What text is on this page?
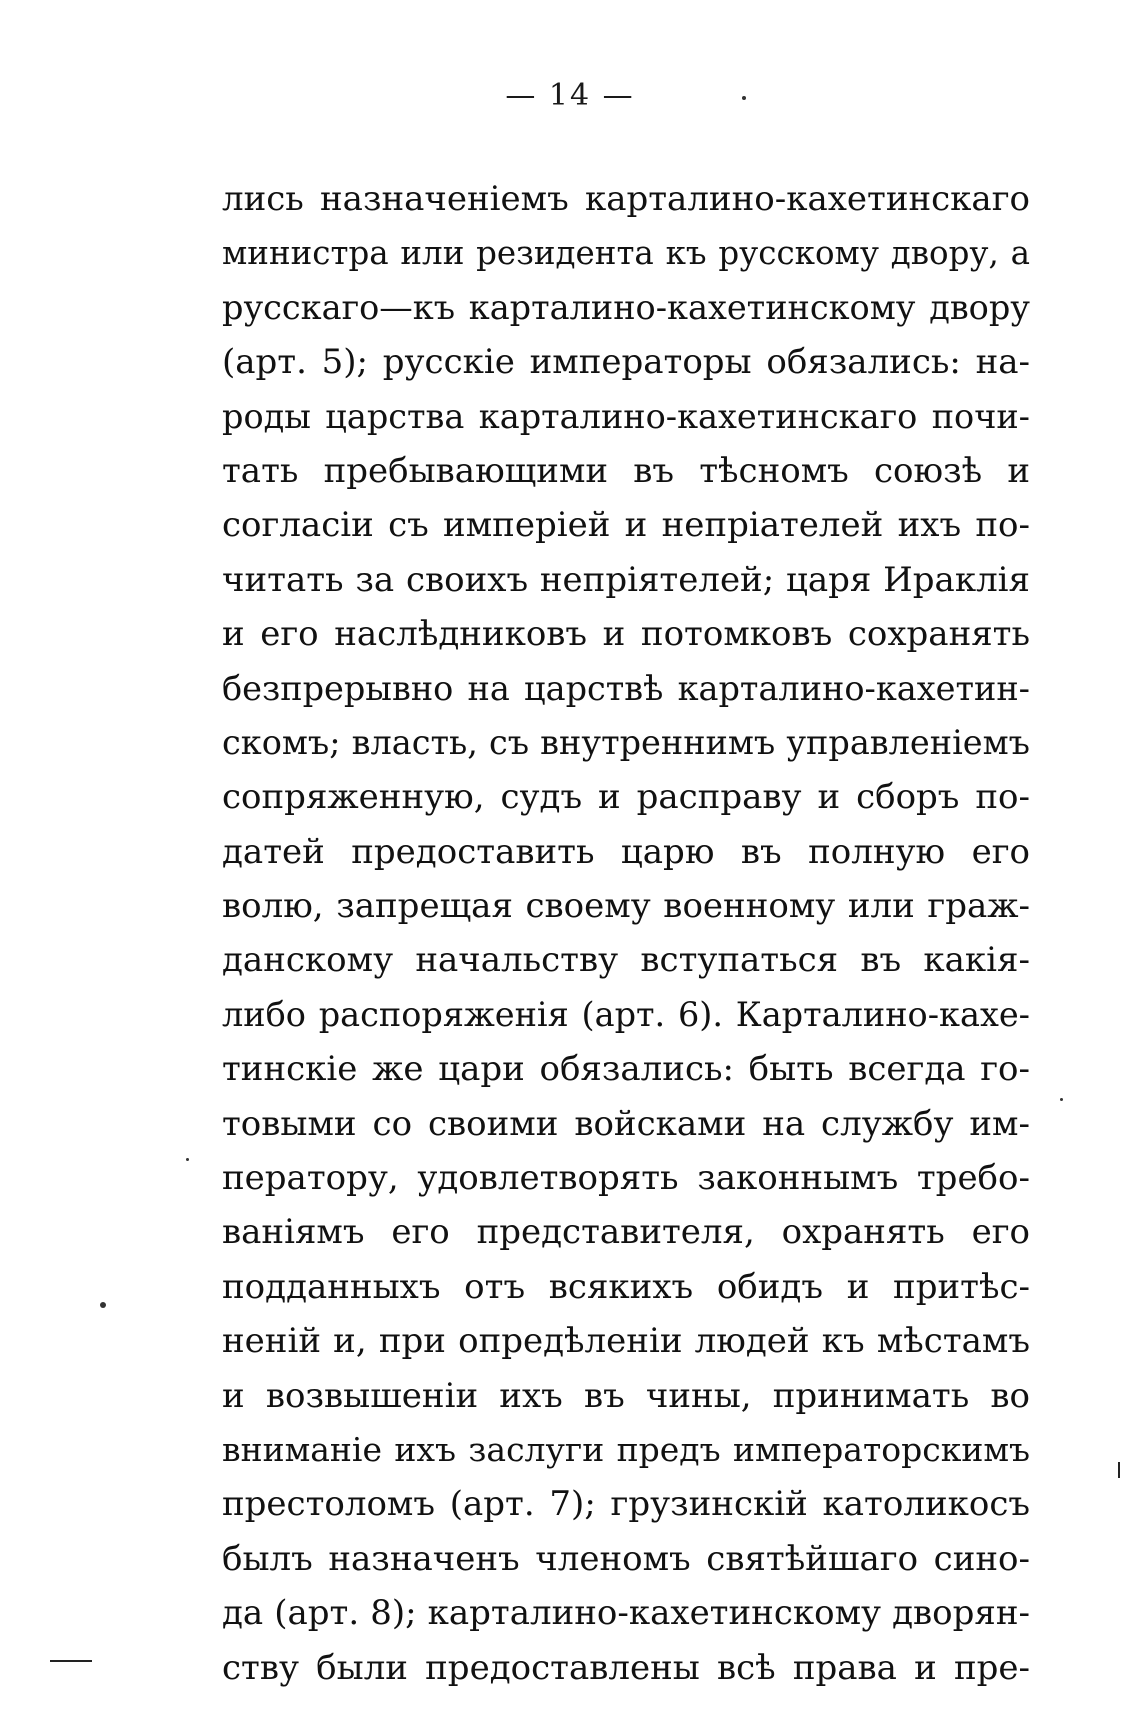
— 14 —
лись назначеніемъ карталино-кахетинскаго
министра или резидента къ русскому двору, а
русскаго—къ карталино-кахетинскому двору
(арт. 5); русскіе императоры обязались: на-
роды царства карталино-кахетинскаго почи-
тать пребывающими въ тѣсномъ союзѣ и
согласіи съ имперіей и непріателей ихъ по-
читать за своихъ непріятелей; царя Ираклія
и его наслѣдниковъ и потомковъ сохранять
безпрерывно на царствѣ карталино-кахетин-
скомъ; власть, съ внутреннимъ управленіемъ
сопряженную, судъ и расправу и сборъ по-
датей предоставить царю въ полную его
волю, запрещая своему военному или граж-
данскому начальству вступаться въ какія-
либо распоряженія (арт. 6). Карталино-кахе-
тинскіе же цари обязались: быть всегда го-
товыми со своими войсками на службу им-
ператору, удовлетворять законнымъ требо-
ваніямъ его представителя, охранять его
подданныхъ отъ всякихъ обидъ и притѣс-
неній и, при опредѣленіи людей къ мѣстамъ
и возвышеніи ихъ въ чины, принимать во
вниманіе ихъ заслуги предъ императорскимъ
престоломъ (арт. 7); грузинскій католикосъ
былъ назначенъ членомъ святѣйшаго сино-
да (арт. 8); карталино-кахетинскому дворян-
ству были предоставлены всѣ права и пре-
